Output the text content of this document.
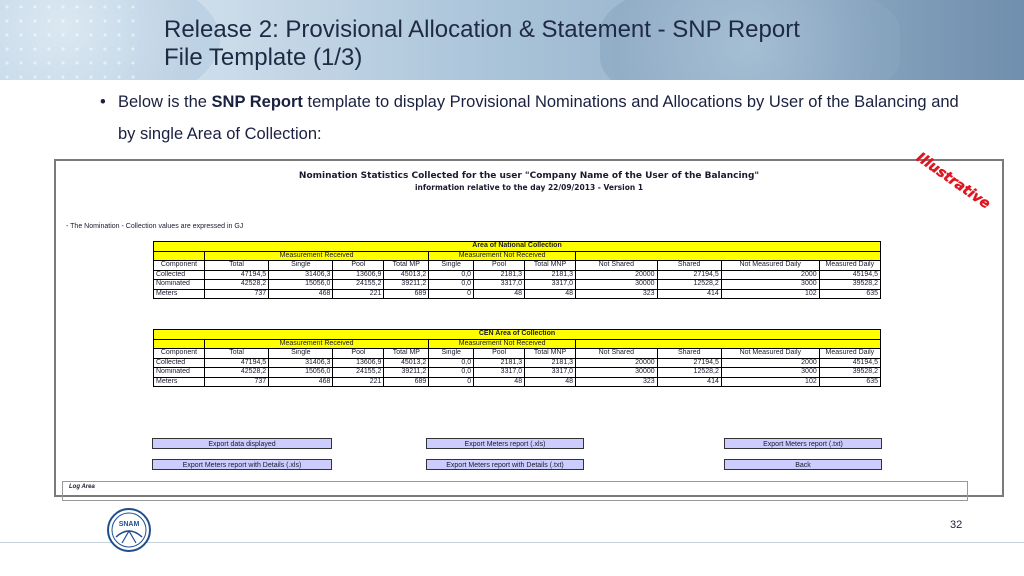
Release 2: Provisional Allocation & Statement - SNP Report
File Template (1/3)
• Below is the SNP Report template to display Provisional Nominations and Allocations by User of the Balancing and by single Area of Collection:
Nomination Statistics Collected for the user "Company Name of the User of the Balancing"
information relative to the day 22/09/2013 - Version 1	Illustrative
- The Nomination - Collection values are expressed in GJ
Area of National Collection											

	Measurement Received				Measurement Not Received						
Component	Total	Single	Pool	Total MP	Single	Pool	Total MNP	Not Shared	Shared	Not Measured Daily	Measured Daily
Collected	47194,5	31406,3	13606,9	45013,2	0,0	2181,3	2181,3	20000	27194,5	2000	45194,5
Nominated	42528,2	15056,0	24155,2	39211,2	0,0	3317,0	3317,0	30000	12528,2	3000	39528,2
Meters	737	468	221	689	0	48	48	323	414	102	635
CEN Area of Collection											

	Measurement Received				Measurement Not Received						
Component	Total	Single	Pool	Total MP	Single	Pool	Total MNP	Not Shared	Shared	Not Measured Daily	Measured Daily
Collected	47194,5	31406,3	13606,9	45013,2	0,0	2181,3	2181,3	20000	27194,5	2000	45194,5
Nominated	42528,2	15056,0	24155,2	39211,2	0,0	3317,0	3317,0	30000	12528,2	3000	39528,2
Meters	737	468	221	689	0	48	48	323	414	102	635
Export data displayed	Export Meters report (.xls)	Export Meters report (.txt)
Export Meters report with Details (.xls)	Export Meters report with Details (.txt)	Back
Log Area
SNAM	32
